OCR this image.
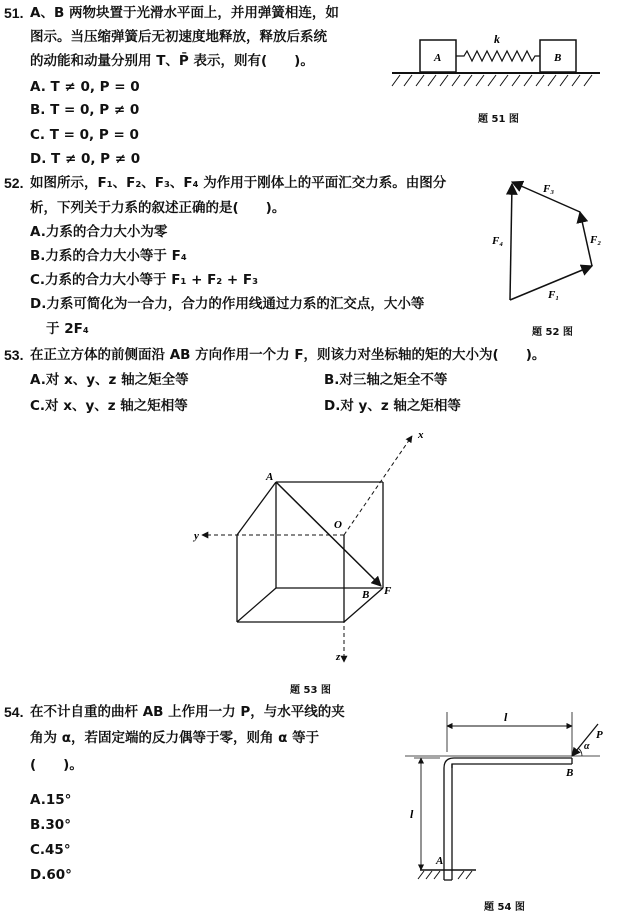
51. A、B 两物块置于光滑水平面上，并用弹簧相连，如
图示。当压缩弹簧后无初速度地释放，释放后系统
的动能和动量分别用 T、P̄ 表示，则有(　　)。
A. T ≠ 0, P = 0
B. T = 0, P ≠ 0
C. T = 0, P = 0
D. T ≠ 0, P ≠ 0
A	B
k
题 51 图
52. 如图所示，F₁、F₂、F₃、F₄ 为作用于刚体上的平面汇交力系。由图分
析，下列关于力系的叙述正确的是(　　)。
A.力系的合力大小为零
B.力系的合力大小等于 F₄
C.力系的合力大小等于 F₁ + F₂ + F₃
D.力系可简化为一合力，合力的作用线通过力系的汇交点，大小等
于 2F₄
F₁
F₂
F₃
F₄
题 52 图
53. 在正立方体的前侧面沿 AB 方向作用一个力 F，则该力对坐标轴的矩的大小为(　　)。
A.对 x、y、z 轴之矩全等	B.对三轴之矩全不等
C.对 x、y、z 轴之矩相等	D.对 y、z 轴之矩相等
x
y
z
A
O
B F
题 53 图
54. 在不计自重的曲杆 AB 上作用一力 P，与水平线的夹
角为 α，若固定端的反力偶等于零，则角 α 等于
(　　)。
A.15°
B.30°
C.45°
D.60°
l
l
P
α
A
B
题 54 图
